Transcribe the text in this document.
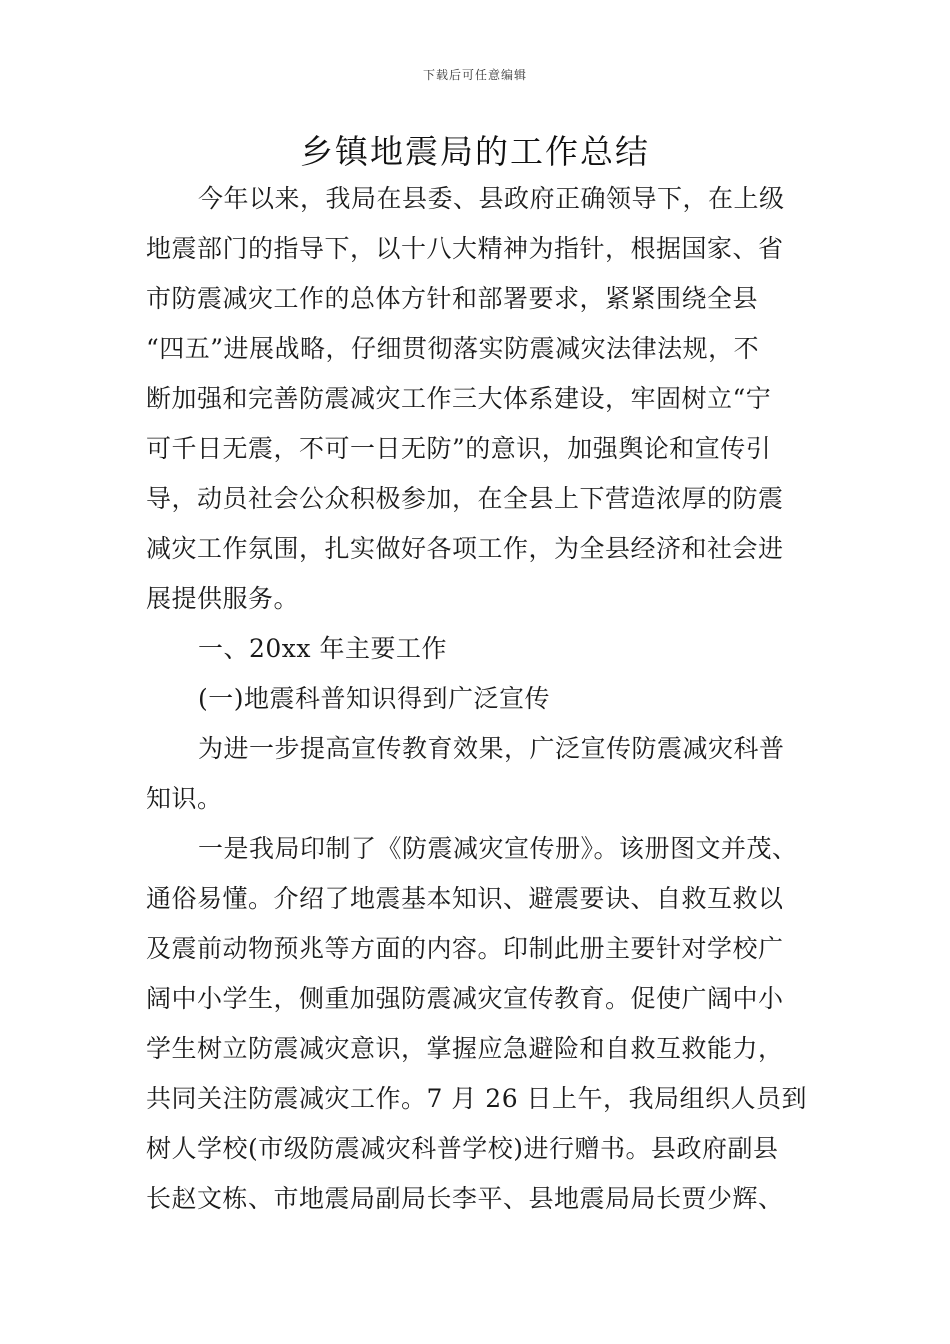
下载后可任意编辑
乡镇地震局的工作总结
今年以来，我局在县委、县政府正确领导下，在上级
地震部门的指导下，以十八大精神为指针，根据国家、省
市防震减灾工作的总体方针和部署要求，紧紧围绕全县
“四五”进展战略，仔细贯彻落实防震减灾法律法规，不
断加强和完善防震减灾工作三大体系建设，牢固树立“宁
可千日无震，不可一日无防”的意识，加强舆论和宣传引
导，动员社会公众积极参加，在全县上下营造浓厚的防震
减灾工作氛围，扎实做好各项工作，为全县经济和社会进
展提供服务。
一、20xx 年主要工作
(一)地震科普知识得到广泛宣传
为进一步提高宣传教育效果，广泛宣传防震减灾科普
知识。
一是我局印制了《防震减灾宣传册》。该册图文并茂、
通俗易懂。介绍了地震基本知识、避震要诀、自救互救以
及震前动物预兆等方面的内容。印制此册主要针对学校广
阔中小学生，侧重加强防震减灾宣传教育。促使广阔中小
学生树立防震减灾意识，掌握应急避险和自救互救能力，
共同关注防震减灾工作。7 月 26 日上午，我局组织人员到
树人学校(市级防震减灾科普学校)进行赠书。县政府副县
长赵文栋、市地震局副局长李平、县地震局局长贾少辉、
